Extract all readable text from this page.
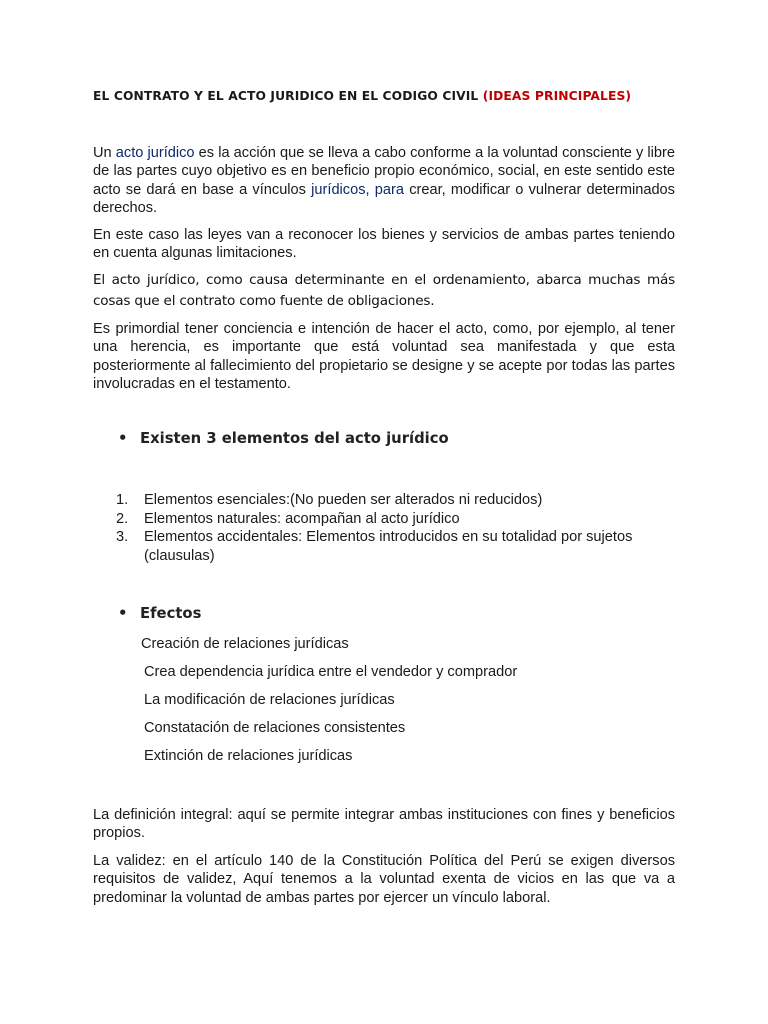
EL CONTRATO Y EL ACTO JURIDICO EN EL CODIGO CIVIL (IDEAS PRINCIPALES)
Un acto jurídico es la acción que se lleva a cabo conforme a la voluntad consciente y libre de las partes cuyo objetivo es en beneficio propio económico, social, en este sentido este acto se dará en base a vínculos jurídicos, para crear, modificar o vulnerar determinados derechos.
En este caso las leyes van a reconocer los bienes y servicios de ambas partes teniendo en cuenta algunas limitaciones.
El acto jurídico, como causa determinante en el ordenamiento, abarca muchas más cosas que el contrato como fuente de obligaciones.
Es primordial tener conciencia e intención de hacer el acto, como, por ejemplo, al tener una herencia, es importante que está voluntad sea manifestada y que esta posteriormente al fallecimiento del propietario se designe y se acepte por todas las partes involucradas en el testamento.
• Existen 3 elementos del acto jurídico
1.	Elementos esenciales:(No pueden ser alterados ni reducidos)
2.	Elementos naturales: acompañan al acto jurídico
3.	Elementos accidentales: Elementos introducidos en su totalidad por sujetos (clausulas)
• Efectos
Creación de relaciones jurídicas
Crea dependencia jurídica entre el vendedor y comprador
La modificación de relaciones jurídicas
Constatación de relaciones consistentes
Extinción de relaciones jurídicas
La definición integral: aquí se permite integrar ambas instituciones con fines y beneficios propios.
La validez: en el artículo 140 de la Constitución Política del Perú se exigen diversos requisitos de validez, Aquí tenemos a la voluntad exenta de vicios en las que va a predominar la voluntad de ambas partes por ejercer un vínculo laboral.
